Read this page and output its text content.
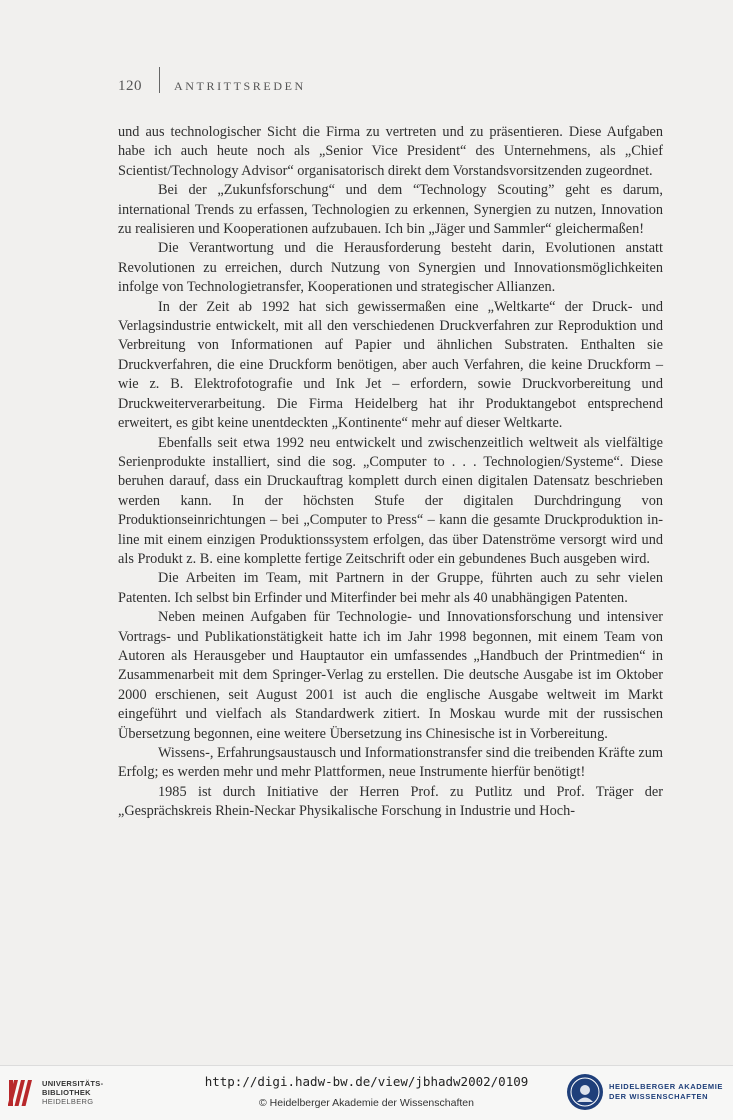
120	ANTRITTSREDEN

und aus technologischer Sicht die Firma zu vertreten und zu präsentieren. Diese Aufgaben habe ich auch heute noch als „Senior Vice President“ des Unternehmens, als „Chief Scientist/Technology Advisor“ organisatorisch direkt dem Vorstandsvorsitzenden zugeordnet.

Bei der „Zukunfsforschung“ und dem “Technology Scouting” geht es darum, international Trends zu erfassen, Technologien zu erkennen, Synergien zu nutzen, Innovation zu realisieren und Kooperationen aufzubauen. Ich bin „Jäger und Sammler“ gleichermaßen!

Die Verantwortung und die Herausforderung besteht darin, Evolutionen anstatt Revolutionen zu erreichen, durch Nutzung von Synergien und Innovationsmöglichkeiten infolge von Technologietransfer, Kooperationen und strategischer Allianzen.

In der Zeit ab 1992 hat sich gewissermaßen eine „Weltkarte“ der Druck- und Verlagsindustrie entwickelt, mit all den verschiedenen Druckverfahren zur Reproduktion und Verbreitung von Informationen auf Papier und ähnlichen Substraten. Enthalten sie Druckverfahren, die eine Druckform benötigen, aber auch Verfahren, die keine Druckform – wie z. B. Elektrofotografie und Ink Jet – erfordern, sowie Druckvorbereitung und Druckweiterverarbeitung. Die Firma Heidelberg hat ihr Produktangebot entsprechend erweitert, es gibt keine unentdeckten „Kontinente“ mehr auf dieser Weltkarte.

Ebenfalls seit etwa 1992 neu entwickelt und zwischenzeitlich weltweit als vielfältige Serienprodukte installiert, sind die sog. „Computer to . . . Technologien/Systeme“. Diese beruhen darauf, dass ein Druckauftrag komplett durch einen digitalen Datensatz beschrieben werden kann. In der höchsten Stufe der digitalen Durchdringung von Produktionseinrichtungen – bei „Computer to Press“ – kann die gesamte Druckproduktion in-line mit einem einzigen Produktionssystem erfolgen, das über Datenströme versorgt wird und als Produkt z. B. eine komplette fertige Zeitschrift oder ein gebundenes Buch ausgeben wird.

Die Arbeiten im Team, mit Partnern in der Gruppe, führten auch zu sehr vielen Patenten. Ich selbst bin Erfinder und Miterfinder bei mehr als 40 unabhängigen Patenten.

Neben meinen Aufgaben für Technologie- und Innovationsforschung und intensiver Vortrags- und Publikationstätigkeit hatte ich im Jahr 1998 begonnen, mit einem Team von Autoren als Herausgeber und Hauptautor ein umfassendes „Handbuch der Printmedien“ in Zusammenarbeit mit dem Springer-Verlag zu erstellen. Die deutsche Ausgabe ist im Oktober 2000 erschienen, seit August 2001 ist auch die englische Ausgabe weltweit im Markt eingeführt und vielfach als Standardwerk zitiert. In Moskau wurde mit der russischen Übersetzung begonnen, eine weitere Übersetzung ins Chinesische ist in Vorbereitung.

Wissens-, Erfahrungsaustausch und Informationstransfer sind die treibenden Kräfte zum Erfolg; es werden mehr und mehr Plattformen, neue Instrumente hierfür benötigt!

1985 ist durch Initiative der Herren Prof. zu Putlitz und Prof. Träger der „Gesprächskreis Rhein-Neckar Physikalische Forschung in Industrie und Hoch-

UNIVERSITÄTS-
BIBLIOTHEK
HEIDELBERG
http://digi.hadw-bw.de/view/jbhadw2002/0109
© Heidelberger Akademie der Wissenschaften
HEIDELBERGER AKADEMIE
DER WISSENSCHAFTEN
